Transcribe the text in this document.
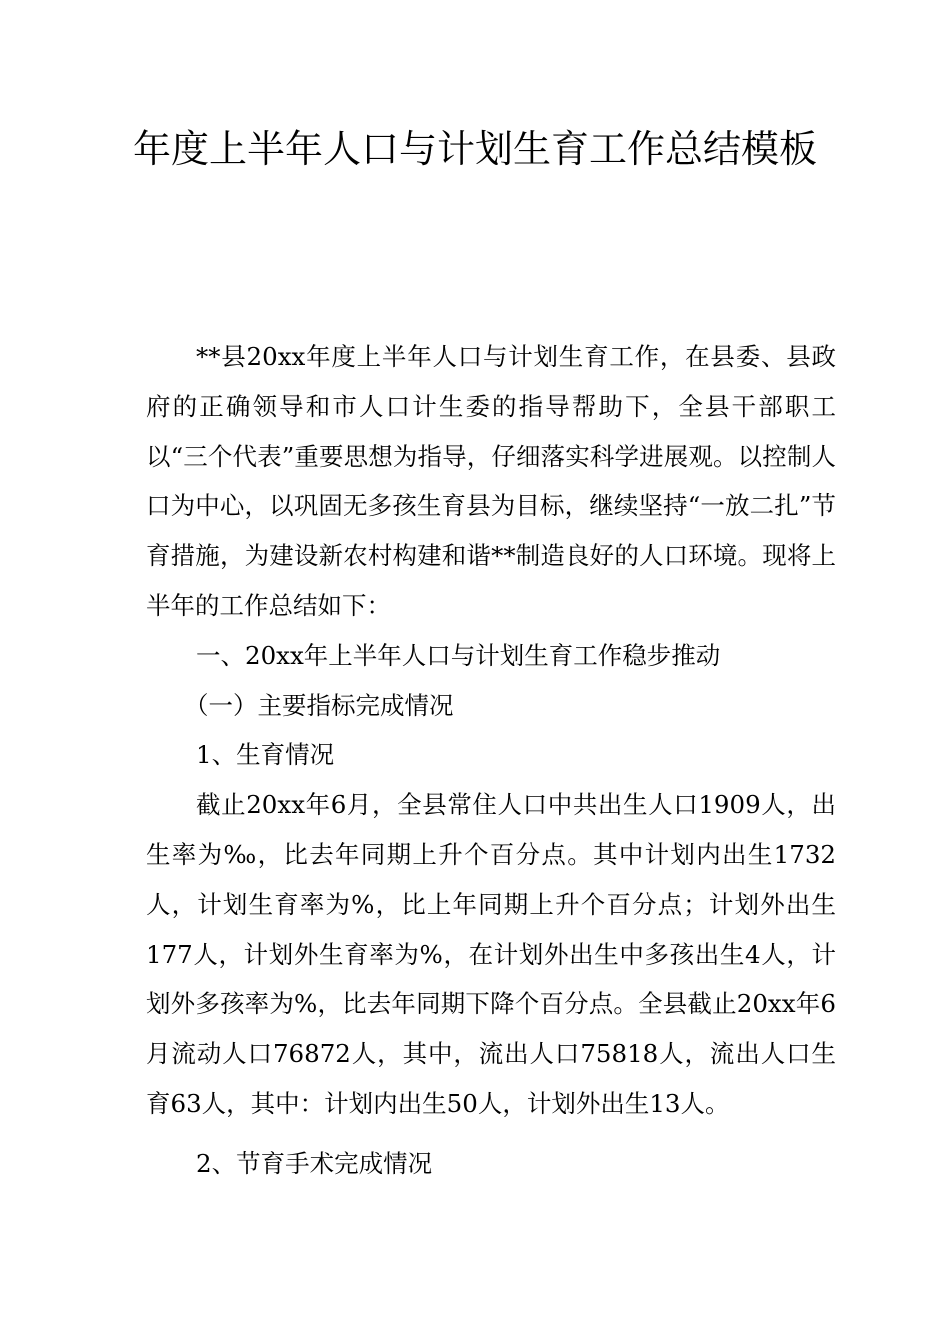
年度上半年人口与计划生育工作总结模板

**县20xx年度上半年人口与计划生育工作，在县委、县政府的正确领导和市人口计生委的指导帮助下，全县干部职工以“三个代表”重要思想为指导，仔细落实科学进展观。以控制人口为中心，以巩固无多孩生育县为目标，继续坚持“一放二扎”节育措施，为建设新农村构建和谐**制造良好的人口环境。现将上半年的工作总结如下：

一、20xx年上半年人口与计划生育工作稳步推动

（一）主要指标完成情况

1、生育情况

截止20xx年6月，全县常住人口中共出生人口1909人，出生率为‰，比去年同期上升个百分点。其中计划内出生1732人，计划生育率为%，比上年同期上升个百分点；计划外出生177人，计划外生育率为%，在计划外出生中多孩出生4人，计划外多孩率为%，比去年同期下降个百分点。全县截止20xx年6月流动人口76872人，其中，流出人口75818人，流出人口生育63人，其中：计划内出生50人，计划外出生13人。

2、节育手术完成情况
